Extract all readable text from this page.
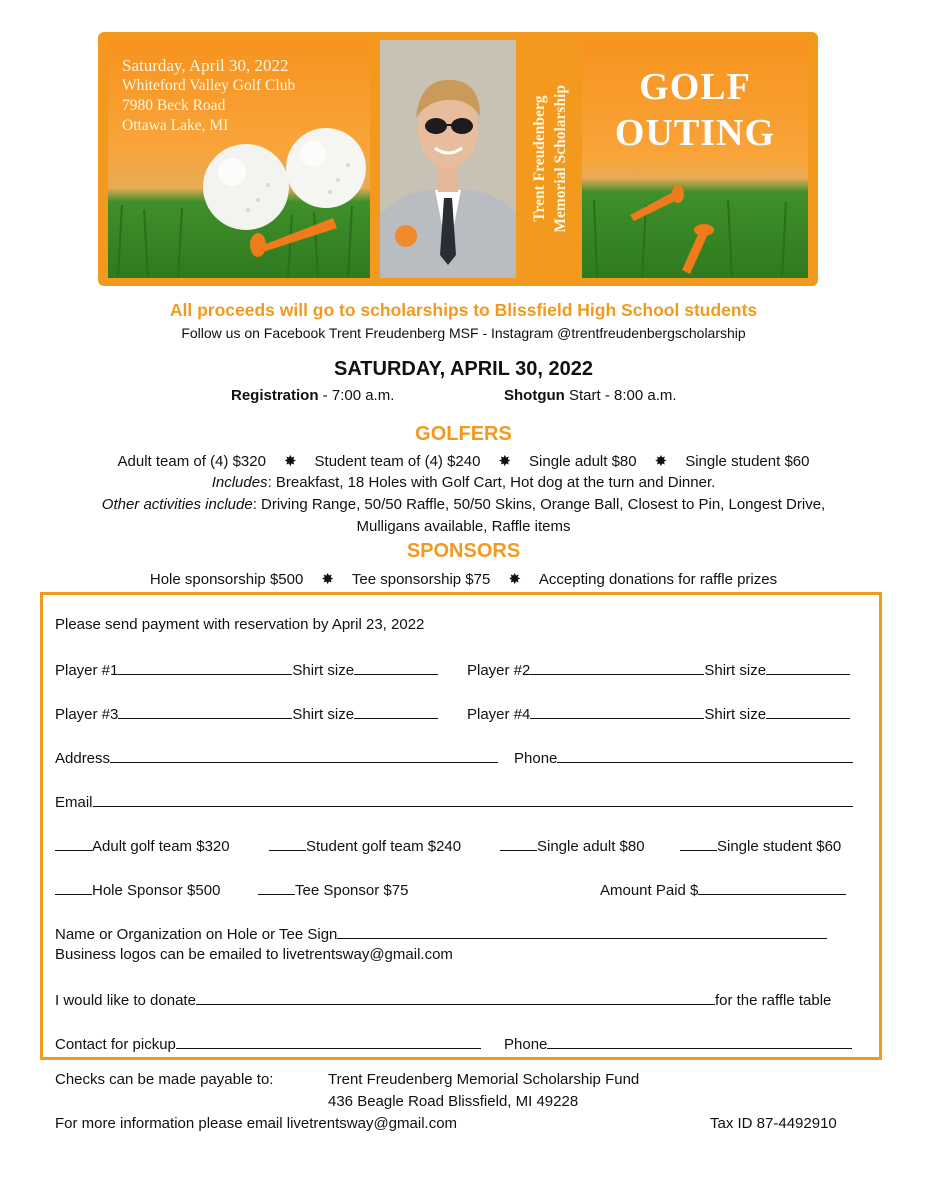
Saturday, April 30, 2022
Whiteford Valley Golf Club
7980 Beck Road
Ottawa Lake, MI	Trent Freudenberg Memorial Scholarship	GOLF
OUTING
All proceeds will go to scholarships to Blissfield High School students
Follow us on Facebook Trent Freudenberg MSF - Instagram @trentfreudenbergscholarship
SATURDAY, APRIL 30, 2022
Registration - 7:00 a.m.	Shotgun Start - 8:00 a.m.
GOLFERS
Adult team of (4) $320 ✸ Student team of (4) $240 ✸ Single adult $80 ✸ Single student $60
Includes: Breakfast, 18 Holes with Golf Cart, Hot dog at the turn and Dinner.
Other activities include: Driving Range, 50/50 Raffle, 50/50 Skins, Orange Ball, Closest to Pin, Longest Drive,
Mulligans available, Raffle items
SPONSORS
Hole sponsorship $500 ✸ Tee sponsorship $75 ✸ Accepting donations for raffle prizes
Please send payment with reservation by April 23, 2022
Player #1	Shirt size	Player #2	Shirt size
Player #3	Shirt size	Player #4	Shirt size
Address	Phone
Email
Adult golf team $320	Student golf team $240	Single adult $80	Single student $60
Hole Sponsor $500	Tee Sponsor $75	Amount Paid $
Name or Organization on Hole or Tee Sign
Business logos can be emailed to livetrentsway@gmail.com
I would like to donate	for the raffle table
Contact for pickup	Phone
Checks can be made payable to:	Trent Freudenberg Memorial Scholarship Fund
436 Beagle Road Blissfield, MI 49228
For more information please email livetrentsway@gmail.com	Tax ID 87-4492910
